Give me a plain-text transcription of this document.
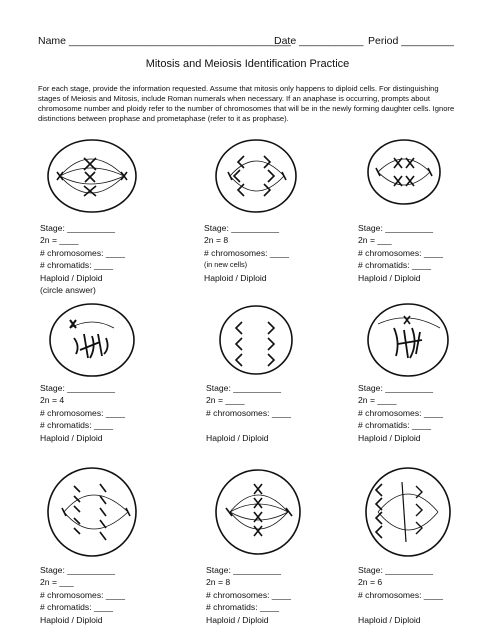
Name ______________________________________
Date ___________ Period _________
Mitosis and Meiosis Identification Practice
For each stage, provide the information requested. Assume that mitosis only happens to diploid cells. For distinguishing stages of Meiosis and Mitosis, include Roman numerals when necessary. If an anaphase is occurring, prompts about chromosome number and ploidy refer to the number of chromosomes that will be in the newly forming daughter cells. Ignore distinctions between prophase and prometaphase (refer to it as prophase).
Stage: __________
2n = ____
# chromosomes: ____
# chromatids: ____
Haploid / Diploid
(circle answer)
Stage: __________
2n = 8
# chromosomes: ____
(in new cells)
Haploid / Diploid
Stage: __________
2n = ___
# chromosomes: ____
# chromatids: ____
Haploid / Diploid
Stage: __________
2n = 4
# chromosomes: ____
# chromatids: ____
Haploid / Diploid
Stage: __________
2n = ____
# chromosomes: ____

Haploid / Diploid
Stage: __________
2n = ____
# chromosomes: ____
# chromatids: ____
Haploid / Diploid
Stage: __________
2n = ___
# chromosomes: ____
# chromatids: ____
Haploid / Diploid
Stage: __________
2n = 8
# chromosomes: ____
# chromatids: ____
Haploid / Diploid
Stage: __________
2n = 6
# chromosomes: ____

Haploid / Diploid
